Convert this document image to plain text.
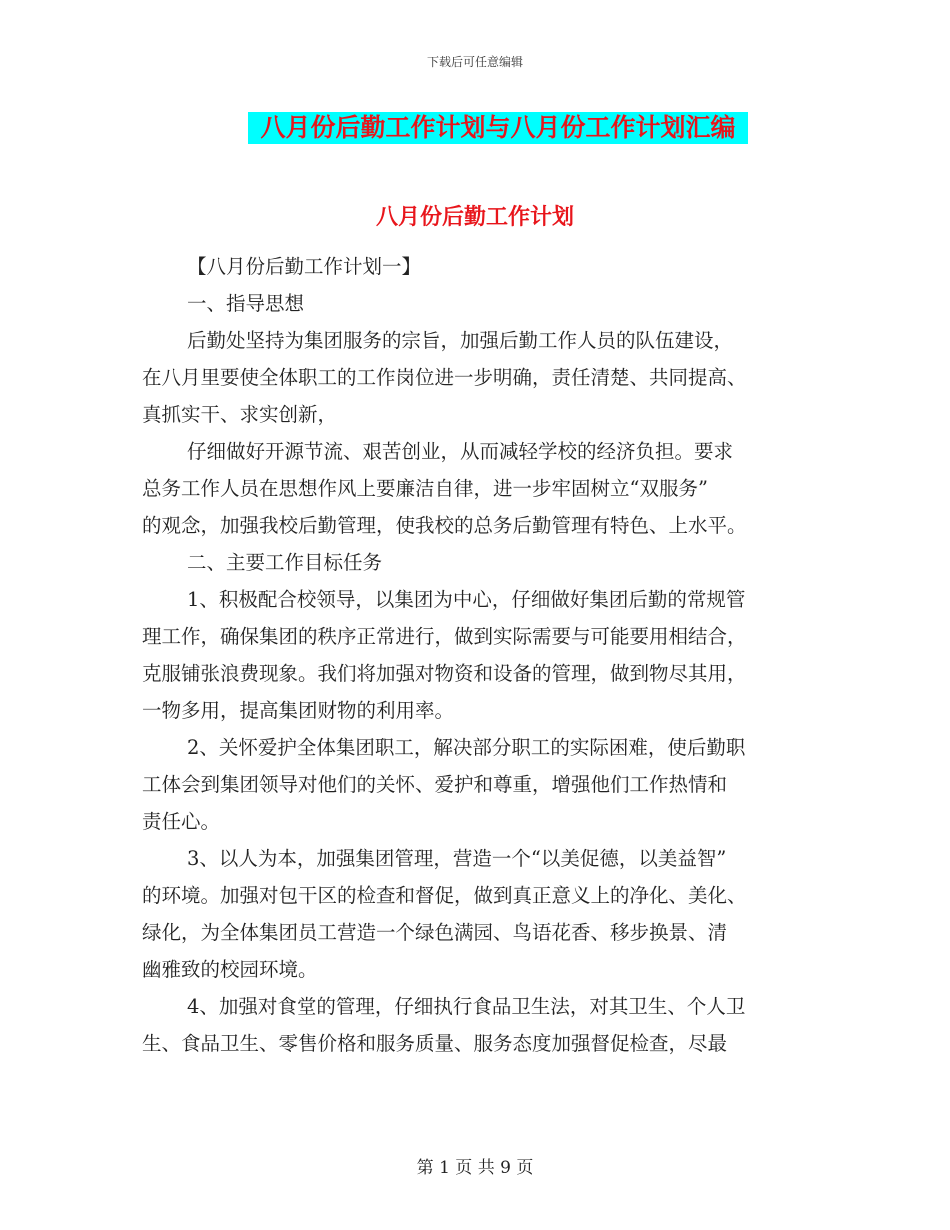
下载后可任意编辑
八月份后勤工作计划与八月份工作计划汇编
八月份后勤工作计划
【八月份后勤工作计划一】
一、指导思想
后勤处坚持为集团服务的宗旨，加强后勤工作人员的队伍建设，
在八月里要使全体职工的工作岗位进一步明确，责任清楚、共同提高、
真抓实干、求实创新，
仔细做好开源节流、艰苦创业，从而减轻学校的经济负担。要求
总务工作人员在思想作风上要廉洁自律，进一步牢固树立“双服务”
的观念，加强我校后勤管理，使我校的总务后勤管理有特色、上水平。
二、主要工作目标任务
1、积极配合校领导，以集团为中心，仔细做好集团后勤的常规管
理工作，确保集团的秩序正常进行，做到实际需要与可能要用相结合，
克服铺张浪费现象。我们将加强对物资和设备的管理，做到物尽其用，
一物多用，提高集团财物的利用率。
2、关怀爱护全体集团职工，解决部分职工的实际困难，使后勤职
工体会到集团领导对他们的关怀、爱护和尊重，增强他们工作热情和
责任心。
3、以人为本，加强集团管理，营造一个“以美促德，以美益智”
的环境。加强对包干区的检查和督促，做到真正意义上的净化、美化、
绿化，为全体集团员工营造一个绿色满园、鸟语花香、移步换景、清
幽雅致的校园环境。
4、加强对食堂的管理，仔细执行食品卫生法，对其卫生、个人卫
生、食品卫生、零售价格和服务质量、服务态度加强督促检查，尽最
第 1 页 共 9 页
